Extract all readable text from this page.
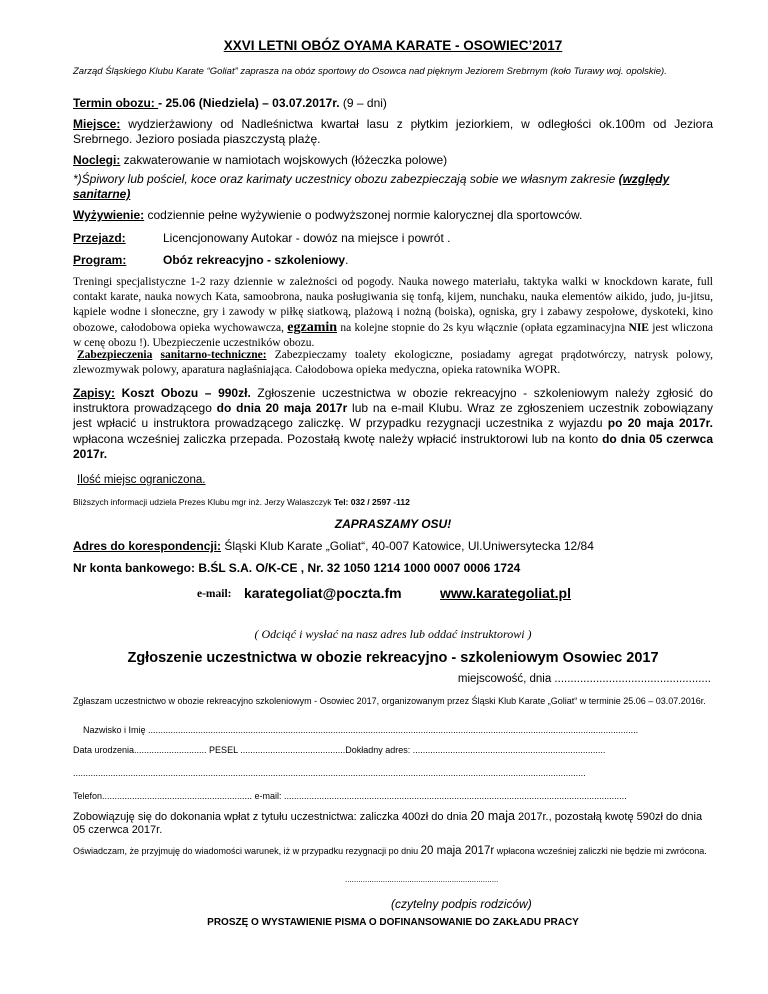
XXVI LETNI OBÓZ OYAMA KARATE - OSOWIEC’2017
Zarząd Śląskiego Klubu Karate “Goliat” zaprasza na obóz sportowy do Osowca nad pięknym Jeziorem Srebrnym (koło Turawy woj. opolskie).
Termin obozu: - 25.06 (Niedziela) – 03.07.2017r. (9 – dni)
Miejsce: wydzierżawiony od Nadleśnictwa kwartał lasu z płytkim jeziorkiem, w odległości ok.100m od Jeziora Srebrnego. Jezioro posiada piaszczystą plażę.
Noclegi: zakwaterowanie w namiotach wojskowych (łóżeczka polowe)
*)Śpiwory lub pościel, koce oraz karimaty uczestnicy obozu zabezpieczają sobie we własnym zakresie (względy sanitarne)
Wyżywienie: codziennie pełne wyżywienie o podwyższonej normie kalorycznej dla sportowców.
Przejazd:	Licencjonowany Autokar - dowóz na miejsce i powrót .
Program:	Obóz rekreacyjno - szkoleniowy.
Treningi specjalistyczne 1-2 razy dziennie w zależności od pogody. Nauka nowego materiału, taktyka walki w knockdown karate, full contakt karate, nauka nowych Kata, samoobrona, nauka posługiwania się tonfą, kijem, nunchaku, nauka elementów aikido, judo, ju-jitsu, kąpiele wodne i słoneczne, gry i zawody w piłkę siatkową, plażową i nożną (boiska), ogniska, gry i zabawy zespołowe, dyskoteki, kino obozowe, całodobowa opieka wychowawcza, egzamin na kolejne stopnie do 2s kyu włącznie (opłata egzaminacyjna NIE jest wliczona w cenę obozu !). Ubezpieczenie uczestników obozu.
Zabezpieczenia sanitarno-techniczne: Zabezpieczamy toalety ekologiczne, posiadamy agregat prądotwórczy, natrysk polowy, zlewozmywak polowy, aparatura nagłaśniająca. Całodobowa opieka medyczna, opieka ratownika WOPR.
Zapisy: Koszt Obozu – 990zł. Zgłoszenie uczestnictwa w obozie rekreacyjno - szkoleniowym należy zgłosić do instruktora prowadzącego do dnia 20 maja 2017r lub na e-mail Klubu. Wraz ze zgłoszeniem uczestnik zobowiązany jest wpłacić u instruktora prowadzącego zaliczkę. W przypadku rezygnacji uczestnika z wyjazdu po 20 maja 2017r. wpłacona wcześniej zaliczka przepada. Pozostałą kwotę należy wpłacić instruktorowi lub na konto do dnia 05 czerwca 2017r.
Ilość miejsc ograniczona.
Bliższych informacji udziela Prezes Klubu mgr inż. Jerzy Walaszczyk Tel: 032 / 2597 -112
ZAPRASZAMY OSU!
Adres do korespondencji: Śląski Klub Karate „Goliat“, 40-007 Katowice, Ul.Uniwersytecka 12/84
Nr konta bankowego: B.ŚL S.A. O/K-CE , Nr. 32 1050 1214 1000 0007 0006 1724
e-mail: karategoliat@poczta.fm	www.karategoliat.pl
( Odciąć i wysłać na nasz adres lub oddać instruktorowi )
Zgłoszenie uczestnictwa w obozie rekreacyjno - szkoleniowym Osowiec 2017
miejscowość, dnia .................................................
Zgłaszam uczestnictwo w obozie rekreacyjno szkoleniowym - Osowiec 2017, organizowanym przez Śląski Klub Karate „Goliat“ w terminie 25.06 – 03.07.2016r.
Nazwisko i Imię ....................................................................................................................................................................................................
Data urodzenia............................. PESEL ..........................................Dokładny adres: .............................................................................
.............................................................................................................................................................................................................
Telefon............................................................ e-mail: .........................................................................................................................................
Zobowiązuję się do dokonania wpłat z tytułu uczestnictwa: zaliczka 400zł do dnia 20 maja 2017r., pozostałą kwotę 590zł do dnia 05 czerwca 2017r.
Oświadczam, że przyjmuję do wiadomości warunek, iż w przypadku rezygnacji po dniu 20 maja 2017r wpłacona wcześniej zaliczki nie będzie mi zwrócona.
.....................................................................
(czytelny podpis rodziców)
PROSZĘ O WYSTAWIENIE PISMA O DOFINANSOWANIE DO ZAKŁADU PRACY
